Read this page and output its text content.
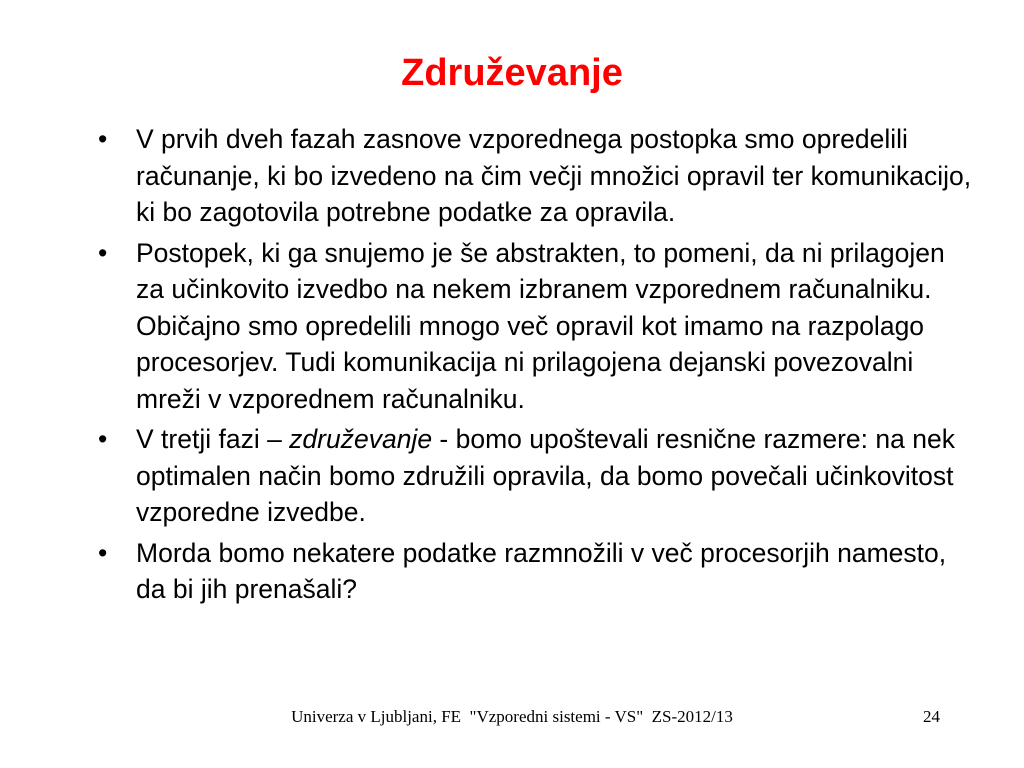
Združevanje
• V prvih dveh fazah zasnove vzporednega postopka smo opredelili računanje, ki bo izvedeno na čim večji množici opravil ter komunikacijo, ki bo zagotovila potrebne podatke za opravila.
• Postopek, ki ga snujemo je še abstrakten, to pomeni, da ni prilagojen za učinkovito izvedbo na nekem izbranem vzporednem računalniku. Običajno smo opredelili mnogo več opravil kot imamo na razpolago procesorjev. Tudi komunikacija ni prilagojena dejanski povezovalni mreži v vzporednem računalniku.
• V tretji fazi – združevanje - bomo upoštevali resnične razmere: na nek optimalen način bomo združili opravila, da bomo povečali učinkovitost vzporedne izvedbe.
• Morda bomo nekatere podatke razmnožili v več procesorjih namesto, da bi jih prenašali?
Univerza v Ljubljani, FE  "Vzporedni sistemi - VS"  ZS-2012/13	24
